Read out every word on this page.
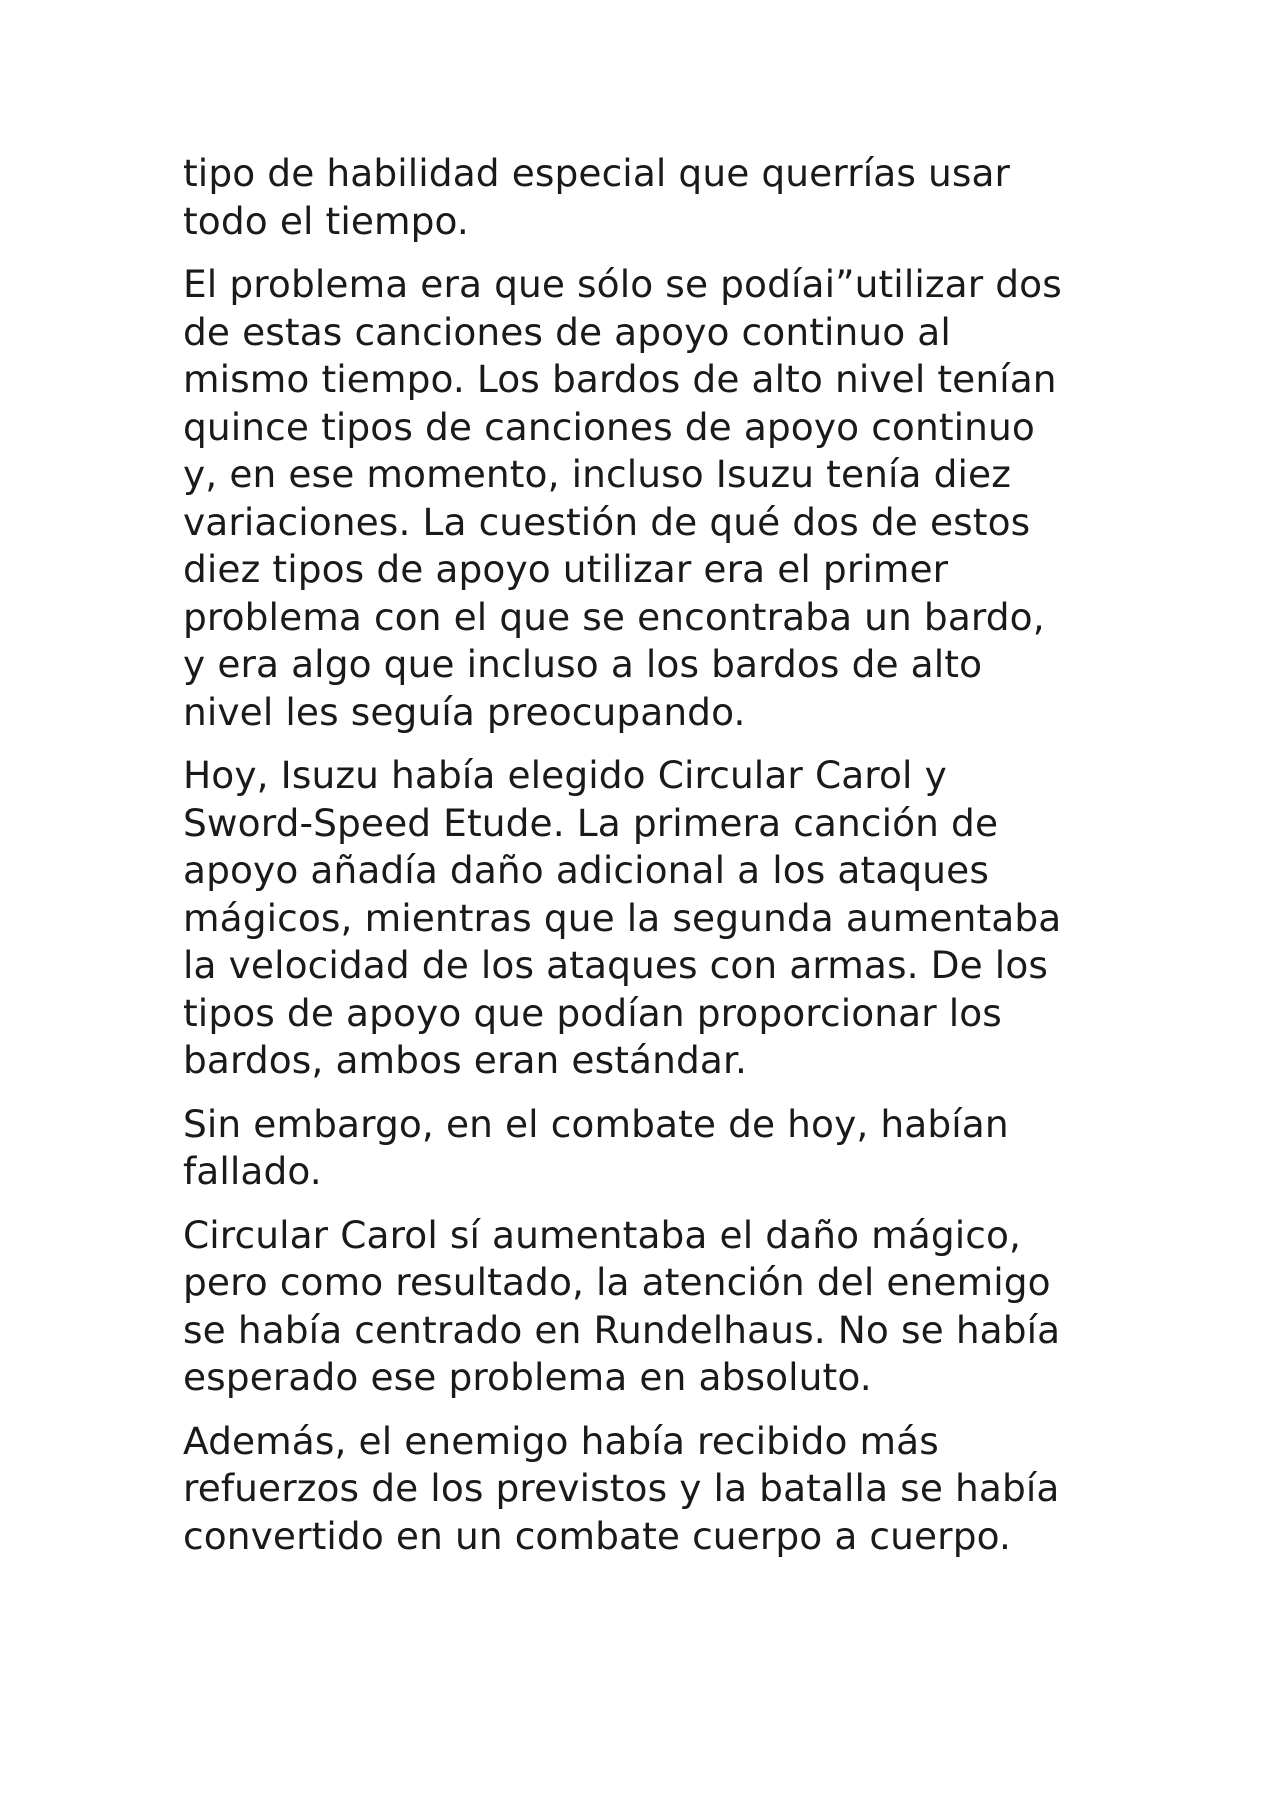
tipo de habilidad especial que querrías usar
todo el tiempo.

El problema era que sólo se podíai”utilizar dos
de estas canciones de apoyo continuo al
mismo tiempo. Los bardos de alto nivel tenían
quince tipos de canciones de apoyo continuo
y, en ese momento, incluso Isuzu tenía diez
variaciones. La cuestión de qué dos de estos
diez tipos de apoyo utilizar era el primer
problema con el que se encontraba un bardo,
y era algo que incluso a los bardos de alto
nivel les seguía preocupando.

Hoy, Isuzu había elegido Circular Carol y
Sword-Speed Etude. La primera canción de
apoyo añadía daño adicional a los ataques
mágicos, mientras que la segunda aumentaba
la velocidad de los ataques con armas. De los
tipos de apoyo que podían proporcionar los
bardos, ambos eran estándar.

Sin embargo, en el combate de hoy, habían
fallado.

Circular Carol sí aumentaba el daño mágico,
pero como resultado, la atención del enemigo
se había centrado en Rundelhaus. No se había
esperado ese problema en absoluto.

Además, el enemigo había recibido más
refuerzos de los previstos y la batalla se había
convertido en un combate cuerpo a cuerpo.
